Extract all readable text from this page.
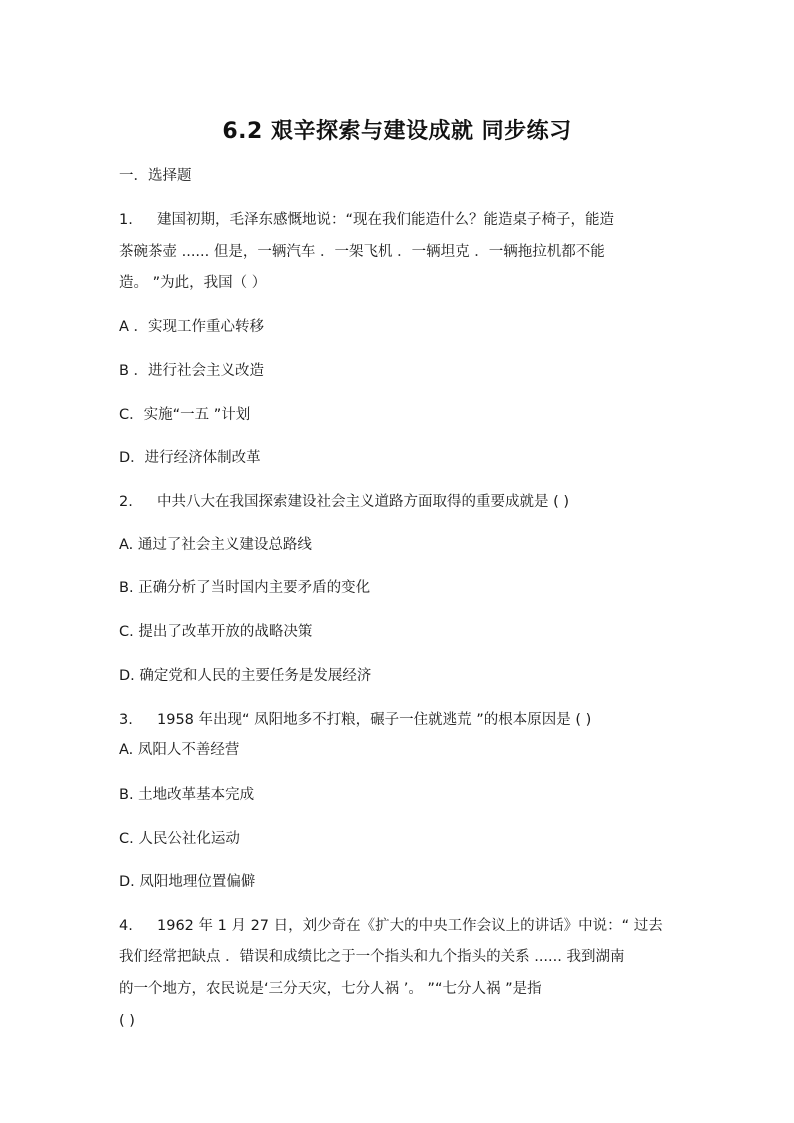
6.2 艰辛探索与建设成就 同步练习
一．选择题
1. 建国初期，毛泽东感慨地说：“现在我们能造什么？能造桌子椅子，能造
茶碗茶壶 ...... 但是，一辆汽车 ．一架飞机 ．一辆坦克 ．一辆拖拉机都不能
造。 ”为此，我国（ ）
A ．实现工作重心转移
B ．进行社会主义改造
C．实施“一五 ”计划
D．进行经济体制改革
2. 中共八大在我国探索建设社会主义道路方面取得的重要成就是 ( )
A. 通过了社会主义建设总路线
B. 正确分析了当时国内主要矛盾的变化
C. 提出了改革开放的战略决策
D. 确定党和人民的主要任务是发展经济
3. 1958 年出现“ 凤阳地多不打粮，碾子一住就逃荒 ”的根本原因是 ( )
A. 凤阳人不善经营
B. 土地改革基本完成
C. 人民公社化运动
D. 凤阳地理位置偏僻
4. 1962 年 1 月 27 日，刘少奇在《扩大的中央工作会议上的讲话》中说：“ 过去
我们经常把缺点 ．错误和成绩比之于一个指头和九个指头的关系 ...... 我到湖南
的一个地方，农民说是‘三分天灾，七分人祸 ’。 ”“七分人祸 ”是指
( )
